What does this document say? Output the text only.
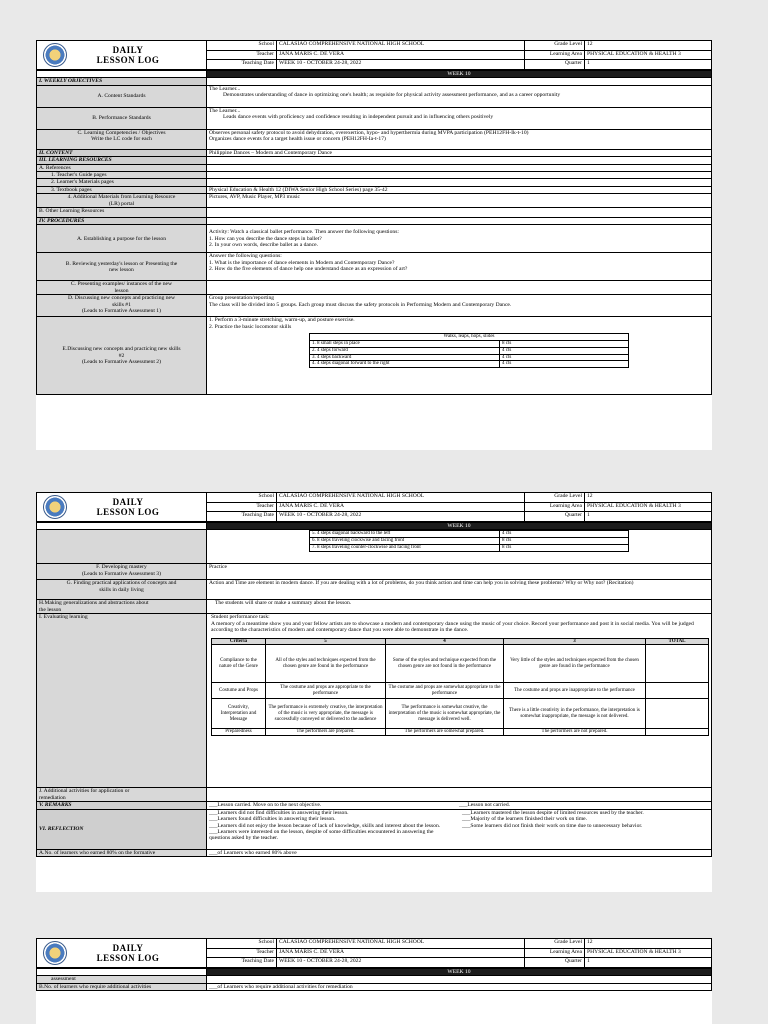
DAILY
LESSON LOG	School	CALASIAO COMPREHENSIVE NATIONAL HIGH SCHOOL	Grade Level	12
	Teacher	JANA MARIS C. DE VERA	Learning Area	PHYSICAL EDUCATION & HEALTH 3
	Teaching Date	WEEK 10 - OCTOBER 24-28, 2022	Quarter	1
	WEEK 10
I. WEEKLY OBJECTIVES	
A. Content Standards	
The Learner...
Demonstrates understanding of dance in optimizing one's health; as requisite for physical activity assessment performance, and as a career opportunity

B. Performance Standards	
The Learner...
Leads dance events with proficiency and confidence resulting in independent pursuit and in influencing others positively

C. Learning Competencies / Objectives
Write the LC code for each

Observes personal safety protocol to avoid dehydration, overexertion, hypo- and hyperthermia during MVPA participation (PEH12FH-Ik-t-10)
Organizes dance events for a target health issue or concern (PEH12FH-Ia-t-17)

II. CONTENT	Philippine Dances – Modern and Contemporary Dance
III. LEARNING RESOURCES	
A. References	
1. Teacher's Guide pages	
2. Learner's Materials pages	
3. Textbook pages	Physical Education & Health 12 (DIWA Senior High School Series) page 35-42

4. Additional Materials from Learning Resource
(LR) portal
	Pictures, AVP, Music Player, MP3 music
B. Other Learning Resources	
IV. PROCEDURES	
A. Establishing a purpose for the lesson	
Activity: Watch a classical ballet performance. Then answer the following questions:
1. How can you describe the dance steps in ballet?
2. In your own words, describe ballet as a dance.

B. Reviewing yesterday's lesson or Presenting the
new lesson

Answer the following questions:
1. What is the importance of dance elements in Modern and Contemporary Dance?
2. How do the five elements of dance help one understand dance as an expression of art?

C. Presenting examples/ instances of the new
lesson

D. Discussing new concepts and practicing new
skills #1
(Leads to Formative Assessment 1)

Group presentation/reporting
The class will be divided into 5 groups. Each group must discuss the safety protocols in Performing Modern and Contemporary Dance.

E.Discussing new concepts and practicing new skills
#2
(Leads to Formative Assessment 2)

1. Perform a 3-minute stretching, warm-up, and posture exercise.
2. Practice the basic locomotor skills
Walks, leaps, hops, slides
1. 8 small steps in place	8 cts
2. 4 steps forward	4 cts
3. 4 steps backward	4 cts
4. 4 steps diagonal forward to the right	4 cts
DAILY
LESSON LOG	School	CALASIAO COMPREHENSIVE NATIONAL HIGH SCHOOL	Grade Level	12
	Teacher	JANA MARIS C. DE VERA	Learning Area	PHYSICAL EDUCATION & HEALTH 3
	Teaching Date	WEEK 10 - OCTOBER 24-28, 2022	Quarter	1
	WEEK 10

5. 4 steps diagonal backward to the left	4 cts
6. 8 steps traveling clockwise and facing front	8 cts
7. 8 steps traveling counter-clockwise and facing front	8 cts

F. Developing mastery
(Leads to Formative Assessment 3)
	Practice

G. Finding practical applications of concepts and
skills in daily living
	Action and Time are element in modern dance. If you are dealing with a lot of problems, do you think action and time can help you in solving these problems? Why or Why not? (Recitation)

H.Making generalizations and abstractions about
the lesson
	The students will share or make a summary about the lesson.
I. Evaluating learning	Student performance task:
A memory of a meantime show you and your fellow artists are to showcase a modern and contemporary dance using the music of your choice. Record your performance and post it in social media. You will be judged according to the characteristics of modern and contemporary dance that you were able to demonstrate in the dance.
Criteria	5	4	3	TOTAL
Compliance to the nature of the Genre	All of the styles and techniques expected from the chosen genre are found in the performance	Some of the styles and technique expected from the chosen genre are not found in the performance	Very little of the styles and techniques expected from the chosen genre are found in the performance	
Costume and Props	The costume and props are appropriate to the performance	The costume and props are somewhat appropriate to the performance	The costume and props are inappropriate to the performance	
Creativity, Interpretation and Message	The performance is extremely creative, the interpretation of the music is very appropriate, the message is successfully conveyed or delivered to the audience	The performance is somewhat creative, the interpretation of the music is somewhat appropriate, the message is delivered well.	There is a little creativity in the performance, the interpretation is somewhat inappropriate, the message is not delivered.	
Preparedness	The performers are prepared.	The performers are somewhat prepared.	The performers are not prepared.	

J. Additional activities for application or
remediation

V. REMARKS	___Lesson carried. Move on to the next objective.	___Lesson not carried.

VI. REFLECTION	
___Learners did not find difficulties in answering their lesson.
___Learners found difficulties in answering their lesson.
___Learners did not enjoy the lesson because of lack of knowledge, skills and interest about the lesson.
___Learners were interested on the lesson, despite of some difficulties encountered in answering the questions asked by the teacher.
___Learners mastered the lesson despite of limited resources used by the teacher.
___Majority of the learners finished their work on time.
___Some learners did not finish their work on time due to unnecessary behavior.

A.No. of learners who earned 80% on the formative	___of Learners who earned 80% above
DAILY
LESSON LOG	School	CALASIAO COMPREHENSIVE NATIONAL HIGH SCHOOL	Grade Level	12
	Teacher	JANA MARIS C. DE VERA	Learning Area	PHYSICAL EDUCATION & HEALTH 3
	Teaching Date	WEEK 10 - OCTOBER 24-28, 2022	Quarter	1
	WEEK 10
assessment	
B.No. of learners who require additional activities	___of Learners who require additional activities for remediation
